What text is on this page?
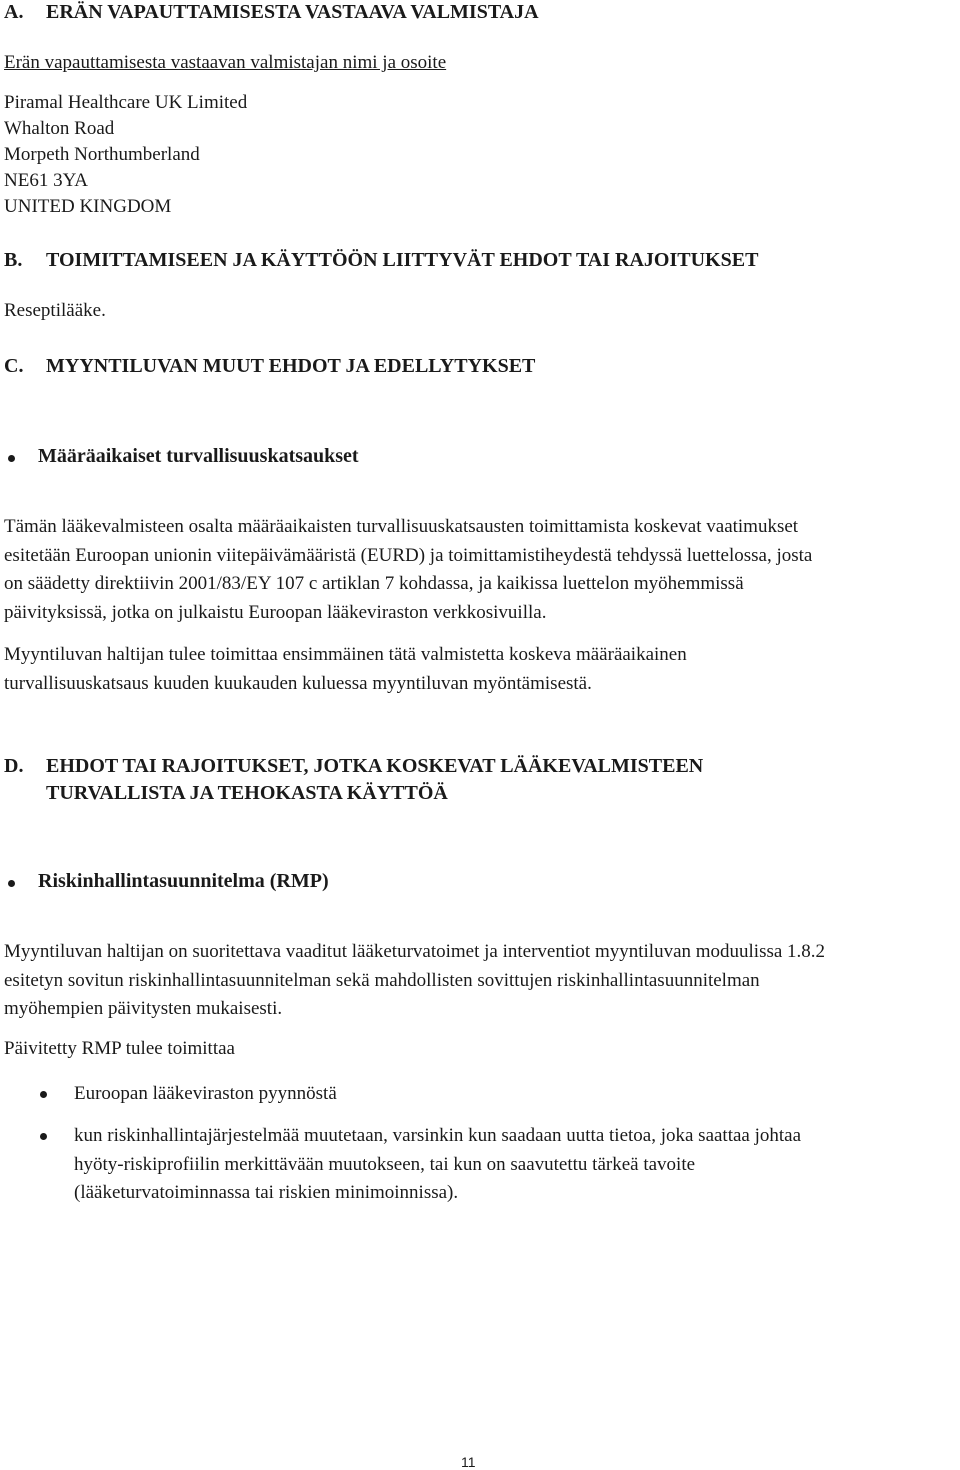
A. ERÄN VAPAUTTAMISESTA VASTAAVA VALMISTAJA
Erän vapauttamisesta vastaavan valmistajan nimi ja osoite
Piramal Healthcare UK Limited
Whalton Road
Morpeth Northumberland
NE61 3YA
UNITED KINGDOM
B. TOIMITTAMISEEN JA KÄYTTÖÖN LIITTYVÄT EHDOT TAI RAJOITUKSET
Reseptilääke.
C. MYYNTILUVAN MUUT EHDOT JA EDELLYTYKSET
Määräaikaiset turvallisuuskatsaukset
Tämän lääkevalmisteen osalta määräaikaisten turvallisuuskatsausten toimittamista koskevat vaatimukset
esitetään Euroopan unionin viitepäivämääristä (EURD) ja toimittamistiheydestä tehdyssä luettelossa, josta
on säädetty direktiivin 2001/83/EY 107 c artiklan 7 kohdassa, ja kaikissa luettelon myöhemmissä
päivityksissä, jotka on julkaistu Euroopan lääkeviraston verkkosivuilla.
Myyntiluvan haltijan tulee toimittaa ensimmäinen tätä valmistetta koskeva määräaikainen
turvallisuuskatsaus kuuden kuukauden kuluessa myyntiluvan myöntämisestä.
D. EHDOT TAI RAJOITUKSET, JOTKA KOSKEVAT LÄÄKEVALMISTEEN
TURVALLISTA JA TEHOKASTA KÄYTTÖÄ
Riskinhallintasuunnitelma (RMP)
Myyntiluvan haltijan on suoritettava vaaditut lääketurvatoimet ja interventiot myyntiluvan moduulissa 1.8.2
esitetyn sovitun riskinhallintasuunnitelman sekä mahdollisten sovittujen riskinhallintasuunnitelman
myöhempien päivitysten mukaisesti.
Päivitetty RMP tulee toimittaa
Euroopan lääkeviraston pyynnöstä
kun riskinhallintajärjestelmää muutetaan, varsinkin kun saadaan uutta tietoa, joka saattaa johtaa
hyöty-riskiprofiilin merkittävään muutokseen, tai kun on saavutettu tärkeä tavoite
(lääketurvatoiminnassa tai riskien minimoinnissa).
11
